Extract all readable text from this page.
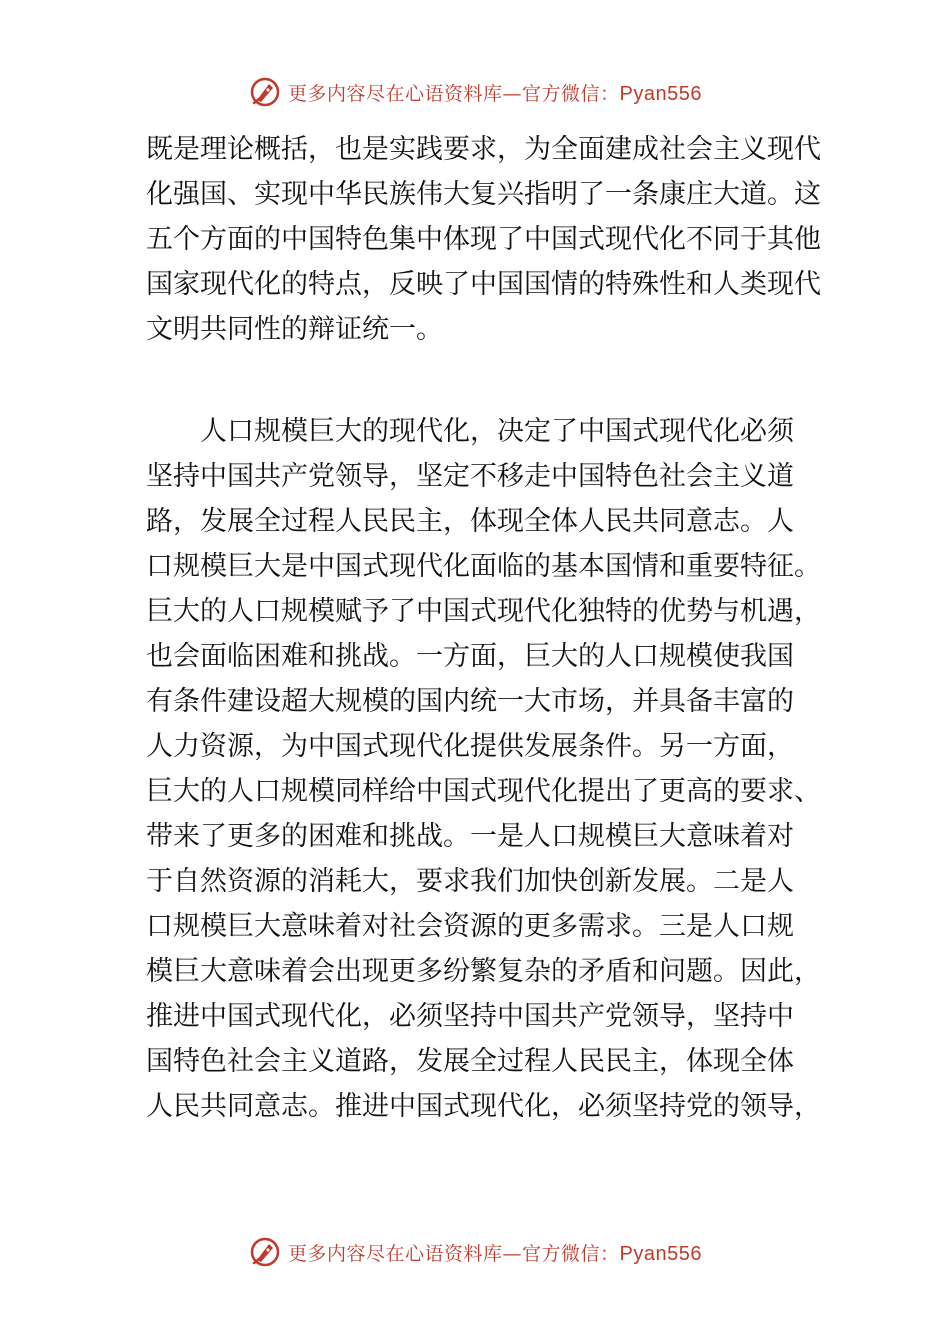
更多内容尽在心语资料库—官方微信：Pyan556
既是理论概括，也是实践要求，为全面建成社会主义现代
化强国、实现中华民族伟大复兴指明了一条康庄大道。这
五个方面的中国特色集中体现了中国式现代化不同于其他
国家现代化的特点，反映了中国国情的特殊性和人类现代
文明共同性的辩证统一。
人口规模巨大的现代化，决定了中国式现代化必须
坚持中国共产党领导，坚定不移走中国特色社会主义道
路，发展全过程人民民主，体现全体人民共同意志。人
口规模巨大是中国式现代化面临的基本国情和重要特征。
巨大的人口规模赋予了中国式现代化独特的优势与机遇，
也会面临困难和挑战。一方面，巨大的人口规模使我国
有条件建设超大规模的国内统一大市场，并具备丰富的
人力资源，为中国式现代化提供发展条件。另一方面，
巨大的人口规模同样给中国式现代化提出了更高的要求、
带来了更多的困难和挑战。一是人口规模巨大意味着对
于自然资源的消耗大，要求我们加快创新发展。二是人
口规模巨大意味着对社会资源的更多需求。三是人口规
模巨大意味着会出现更多纷繁复杂的矛盾和问题。因此，
推进中国式现代化，必须坚持中国共产党领导，坚持中
国特色社会主义道路，发展全过程人民民主，体现全体
人民共同意志。推进中国式现代化，必须坚持党的领导，
更多内容尽在心语资料库—官方微信：Pyan556
